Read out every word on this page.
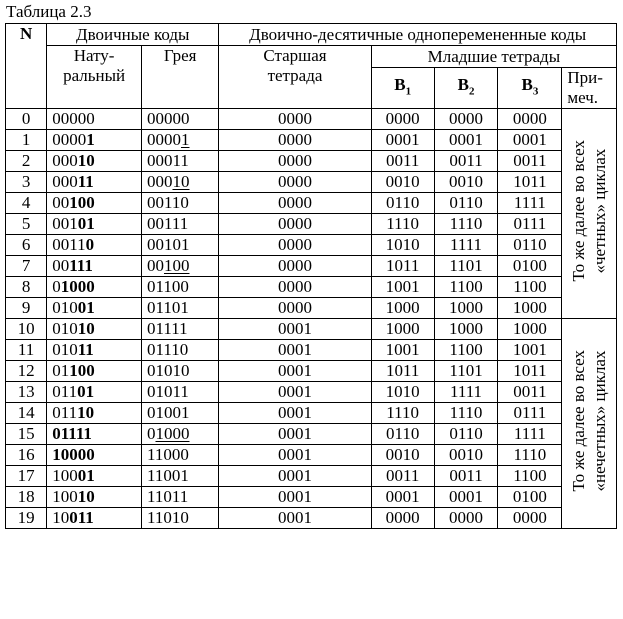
Таблица 2.3
N	Двоичные коды		Двоично-десятичные одноперемененные коды				
	Нату-
ральный	Грея	Старшая
тетрада	Младшие тетрады			
				$B_1$	$B_2$	$B_3$	При-
меч.
0	00000	00000	0000	0000	0000	0000	То же далее во всех «четных» циклах

1	00001	00001	0000	0001	0001	0001	
2	00010	00011	0000	0011	0011	0011	
3	00011	00010	0000	0010	0010	1011	
4	00100	00110	0000	0110	0110	1111	
5	00101	00111	0000	1110	1110	0111	
6	00110	00101	0000	1010	1111	0110	
7	00111	00100	0000	1011	1101	0100	
8	01000	01100	0000	1001	1100	1100	
9	01001	01101	0000	1000	1000	1000	
10	01010	01111	0001	1000	1000	1000	То же далее во всех «нечетных» циклах

11	01011	01110	0001	1001	1100	1001	
12	01100	01010	0001	1011	1101	1011	
13	01101	01011	0001	1010	1111	0011	
14	01110	01001	0001	1110	1110	0111	
15	01111	01000	0001	0110	0110	1111	
16	10000	11000	0001	0010	0010	1110	
17	10001	11001	0001	0011	0011	1100	
18	10010	11011	0001	0001	0001	0100	
19	10011	11010	0001	0000	0000	0000	
